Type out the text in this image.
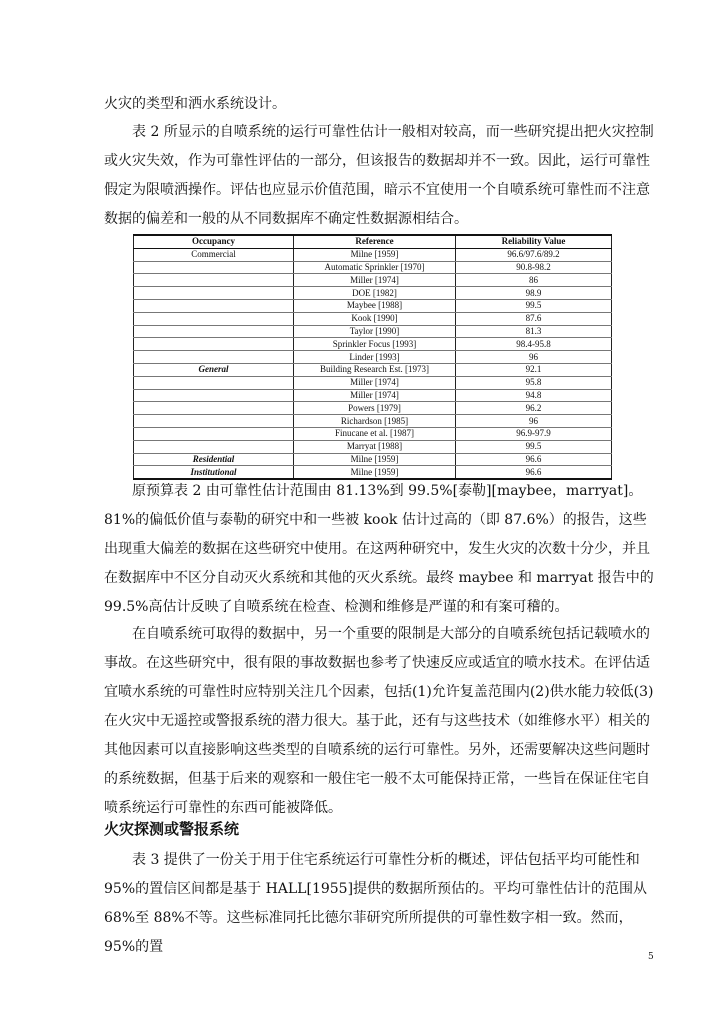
火灾的类型和洒水系统设计。

表 2 所显示的自喷系统的运行可靠性估计一般相对较高，而一些研究提出把火灾控制或火灾失效，作为可靠性评估的一部分，但该报告的数据却并不一致。因此，运行可靠性假定为限喷洒操作。评估也应显示价值范围，暗示不宜使用一个自喷系统可靠性而不注意数据的偏差和一般的从不同数据库不确定性数据源相结合。

Occupancy	Reference	Reliability Value
Commercial	Milne [1959]	96.6/97.6/89.2
	Automatic Sprinkler [1970]	90.8-98.2
	Miller [1974]	86
	DOE [1982]	98.9
	Maybee [1988]	99.5
	Kook [1990]	87.6
	Taylor [1990]	81.3
	Sprinkler Focus [1993]	98.4-95.8
	Linder [1993]	96
General	Building Research Est. [1973]	92.1
	Miller [1974]	95.8
	Miller [1974]	94.8
	Powers [1979]	96.2
	Richardson [1985]	96
	Finucane et al. [1987]	96.9-97.9
	Marryat [1988]	99.5
Residential	Milne [1959]	96.6
Institutional	Milne [1959]	96.6

原预算表 2 由可靠性估计范围由 81.13%到 99.5%[泰勒][maybee，marryat]。81%的偏低价值与泰勒的研究中和一些被 kook 估计过高的（即 87.6%）的报告，这些出现重大偏差的数据在这些研究中使用。在这两种研究中，发生火灾的次数十分少，并且在数据库中不区分自动灭火系统和其他的灭火系统。最终 maybee 和 marryat 报告中的 99.5%高估计反映了自喷系统在检查、检测和维修是严谨的和有案可稽的。

在自喷系统可取得的数据中，另一个重要的限制是大部分的自喷系统包括记载喷水的事故。在这些研究中，很有限的事故数据也参考了快速反应或适宜的喷水技术。在评估适宜喷水系统的可靠性时应特别关注几个因素，包括(1)允许复盖范围内(2)供水能力较低(3)在火灾中无遥控或警报系统的潜力很大。基于此，还有与这些技术（如维修水平）相关的其他因素可以直接影响这些类型的自喷系统的运行可靠性。另外，还需要解决这些问题时的系统数据，但基于后来的观察和一般住宅一般不太可能保持正常，一些旨在保证住宅自喷系统运行可靠性的东西可能被降低。

火灾探测或警报系统

表 3 提供了一份关于用于住宅系统运行可靠性分析的概述，评估包括平均可能性和 95%的置信区间都是基于 HALL[1955]提供的数据所预估的。平均可靠性估计的范围从 68%至 88%不等。这些标准同托比德尔菲研究所所提供的可靠性数字相一致。然而，95%的置

5
